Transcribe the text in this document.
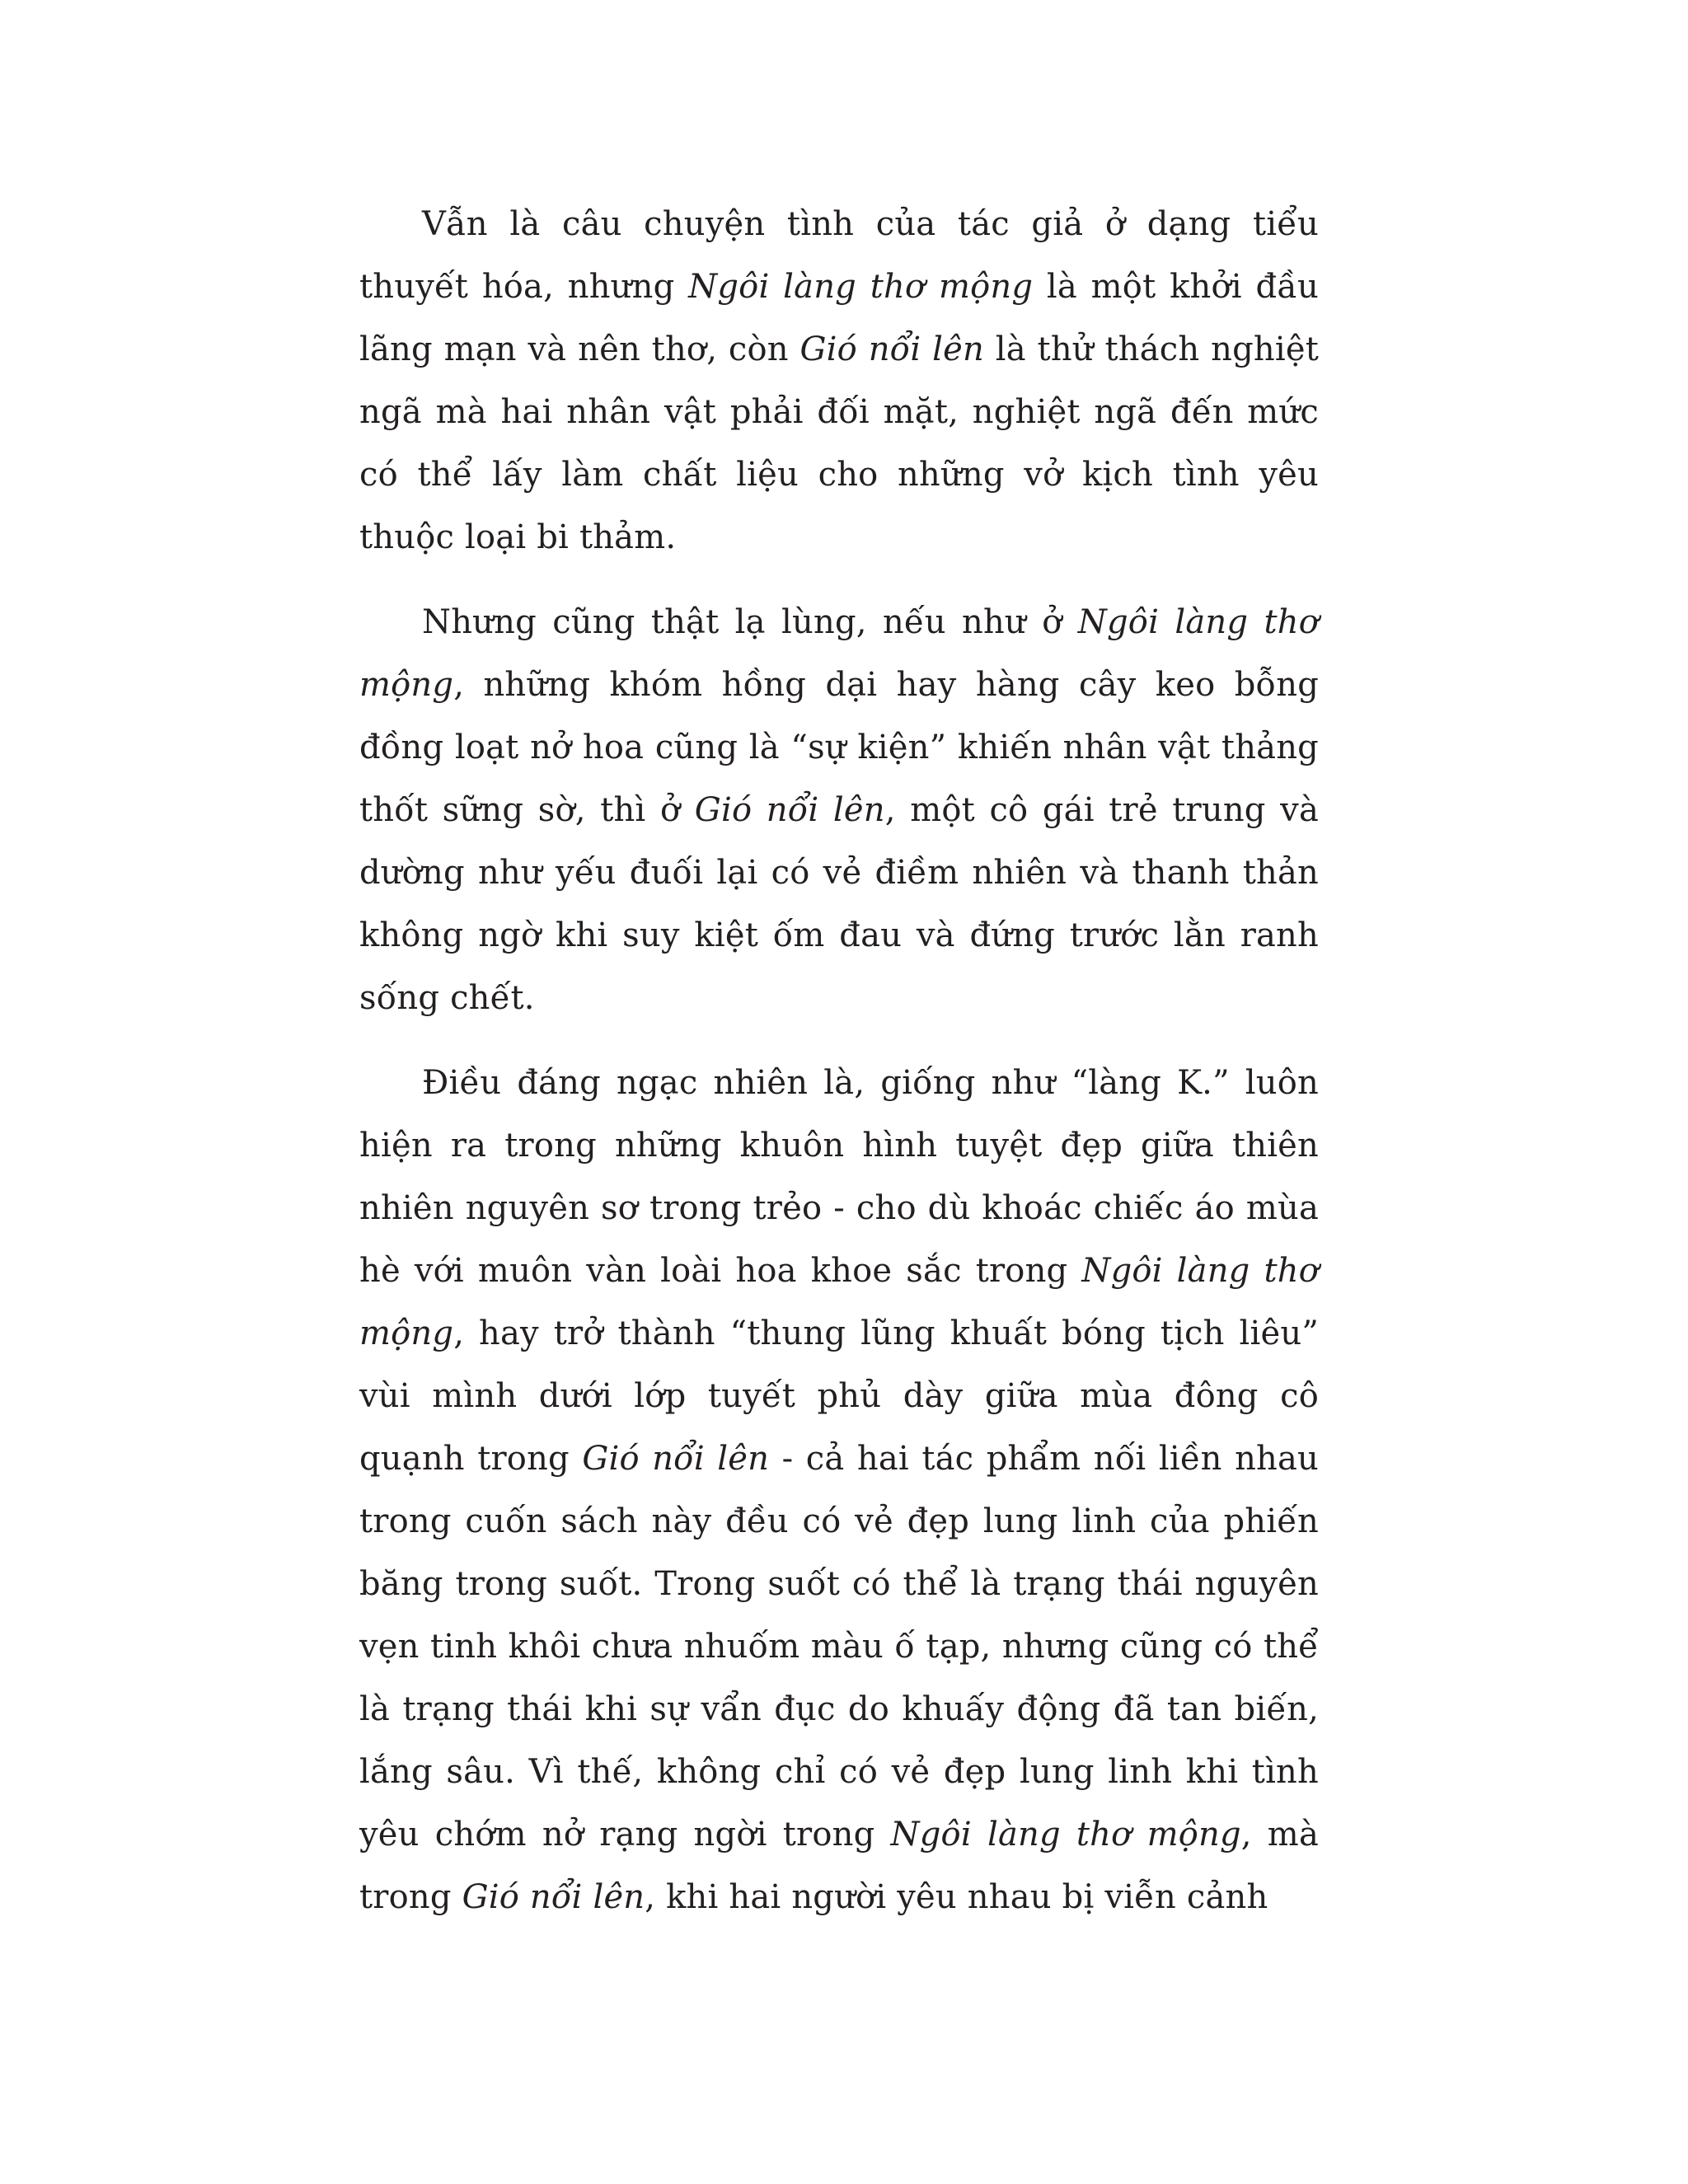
Vẫn là câu chuyện tình của tác giả ở dạng tiểu thuyết hóa, nhưng Ngôi làng thơ mộng là một khởi đầu lãng mạn và nên thơ, còn Gió nổi lên là thử thách nghiệt ngã mà hai nhân vật phải đối mặt, nghiệt ngã đến mức có thể lấy làm chất liệu cho những vở kịch tình yêu thuộc loại bi thảm.

Nhưng cũng thật lạ lùng, nếu như ở Ngôi làng thơ mộng, những khóm hồng dại hay hàng cây keo bỗng đồng loạt nở hoa cũng là “sự kiện” khiến nhân vật thảng thốt sững sờ, thì ở Gió nổi lên, một cô gái trẻ trung và dường như yếu đuối lại có vẻ điềm nhiên và thanh thản không ngờ khi suy kiệt ốm đau và đứng trước lằn ranh sống chết.

Điều đáng ngạc nhiên là, giống như “làng K.” luôn hiện ra trong những khuôn hình tuyệt đẹp giữa thiên nhiên nguyên sơ trong trẻo - cho dù khoác chiếc áo mùa hè với muôn vàn loài hoa khoe sắc trong Ngôi làng thơ mộng, hay trở thành “thung lũng khuất bóng tịch liêu” vùi mình dưới lớp tuyết phủ dày giữa mùa đông cô quạnh trong Gió nổi lên - cả hai tác phẩm nối liền nhau trong cuốn sách này đều có vẻ đẹp lung linh của phiến băng trong suốt. Trong suốt có thể là trạng thái nguyên vẹn tinh khôi chưa nhuốm màu ố tạp, nhưng cũng có thể là trạng thái khi sự vẩn đục do khuấy động đã tan biến, lắng sâu. Vì thế, không chỉ có vẻ đẹp lung linh khi tình yêu chớm nở rạng ngời trong Ngôi làng thơ mộng, mà trong Gió nổi lên, khi hai người yêu nhau bị viễn cảnh
